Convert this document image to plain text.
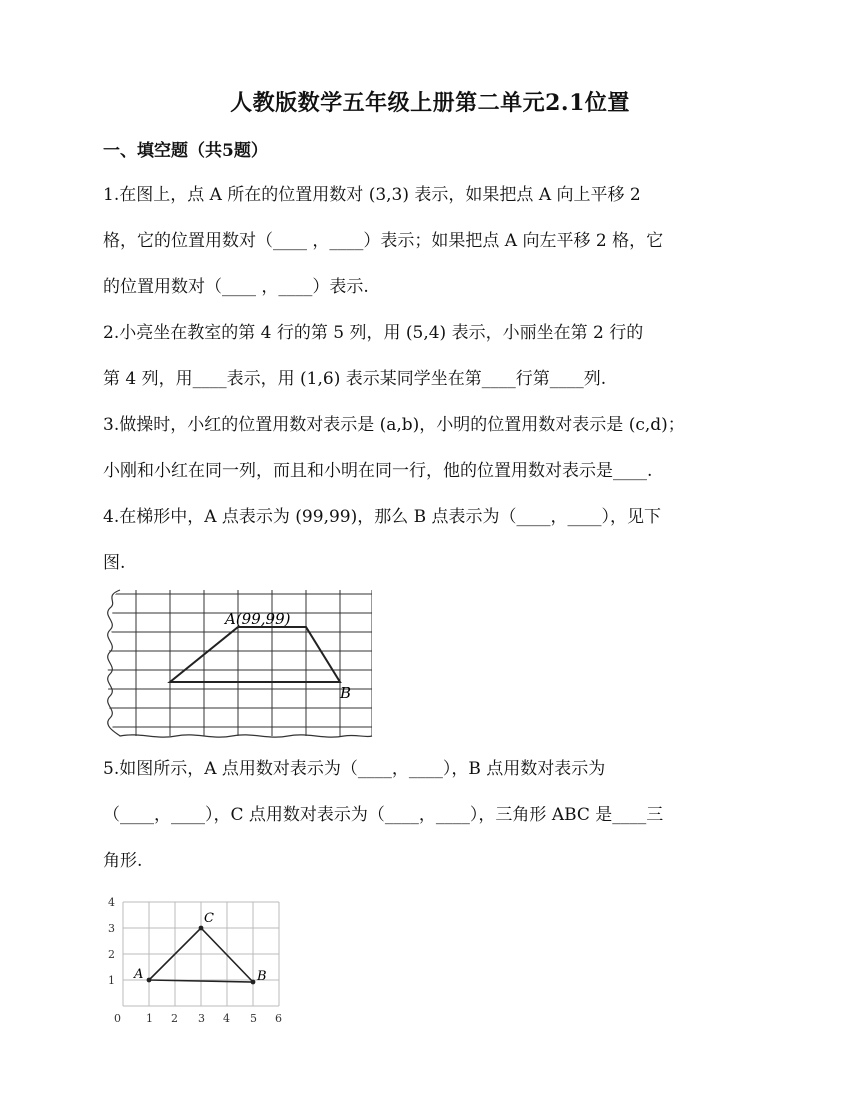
人教版数学五年级上册第二单元2.1位置
一、填空题（共5题）
1.在图上，点 A 所在的位置用数对 (3,3) 表示，如果把点 A 向上平移 2
格，它的位置用数对（____ ，____）表示；如果把点 A 向左平移 2 格，它
的位置用数对（____ ，____）表示.
2.小亮坐在教室的第 4 行的第 5 列，用 (5,4) 表示，小丽坐在第 2 行的
第 4 列，用____表示，用 (1,6) 表示某同学坐在第____行第____列.
3.做操时，小红的位置用数对表示是 (a,b)，小明的位置用数对表示是 (c,d)；
小刚和小红在同一列，而且和小明在同一行，他的位置用数对表示是____.
4.在梯形中，A 点表示为 (99,99)，那么 B 点表示为（____，____），见下
图.
A(99,99)
B
5.如图所示，A 点用数对表示为（____，____），B 点用数对表示为
（____，____），C 点用数对表示为（____，____），三角形 ABC 是____三
角形.
0 1 2 3 4 5 6
1
2
3
4
A	B
C
